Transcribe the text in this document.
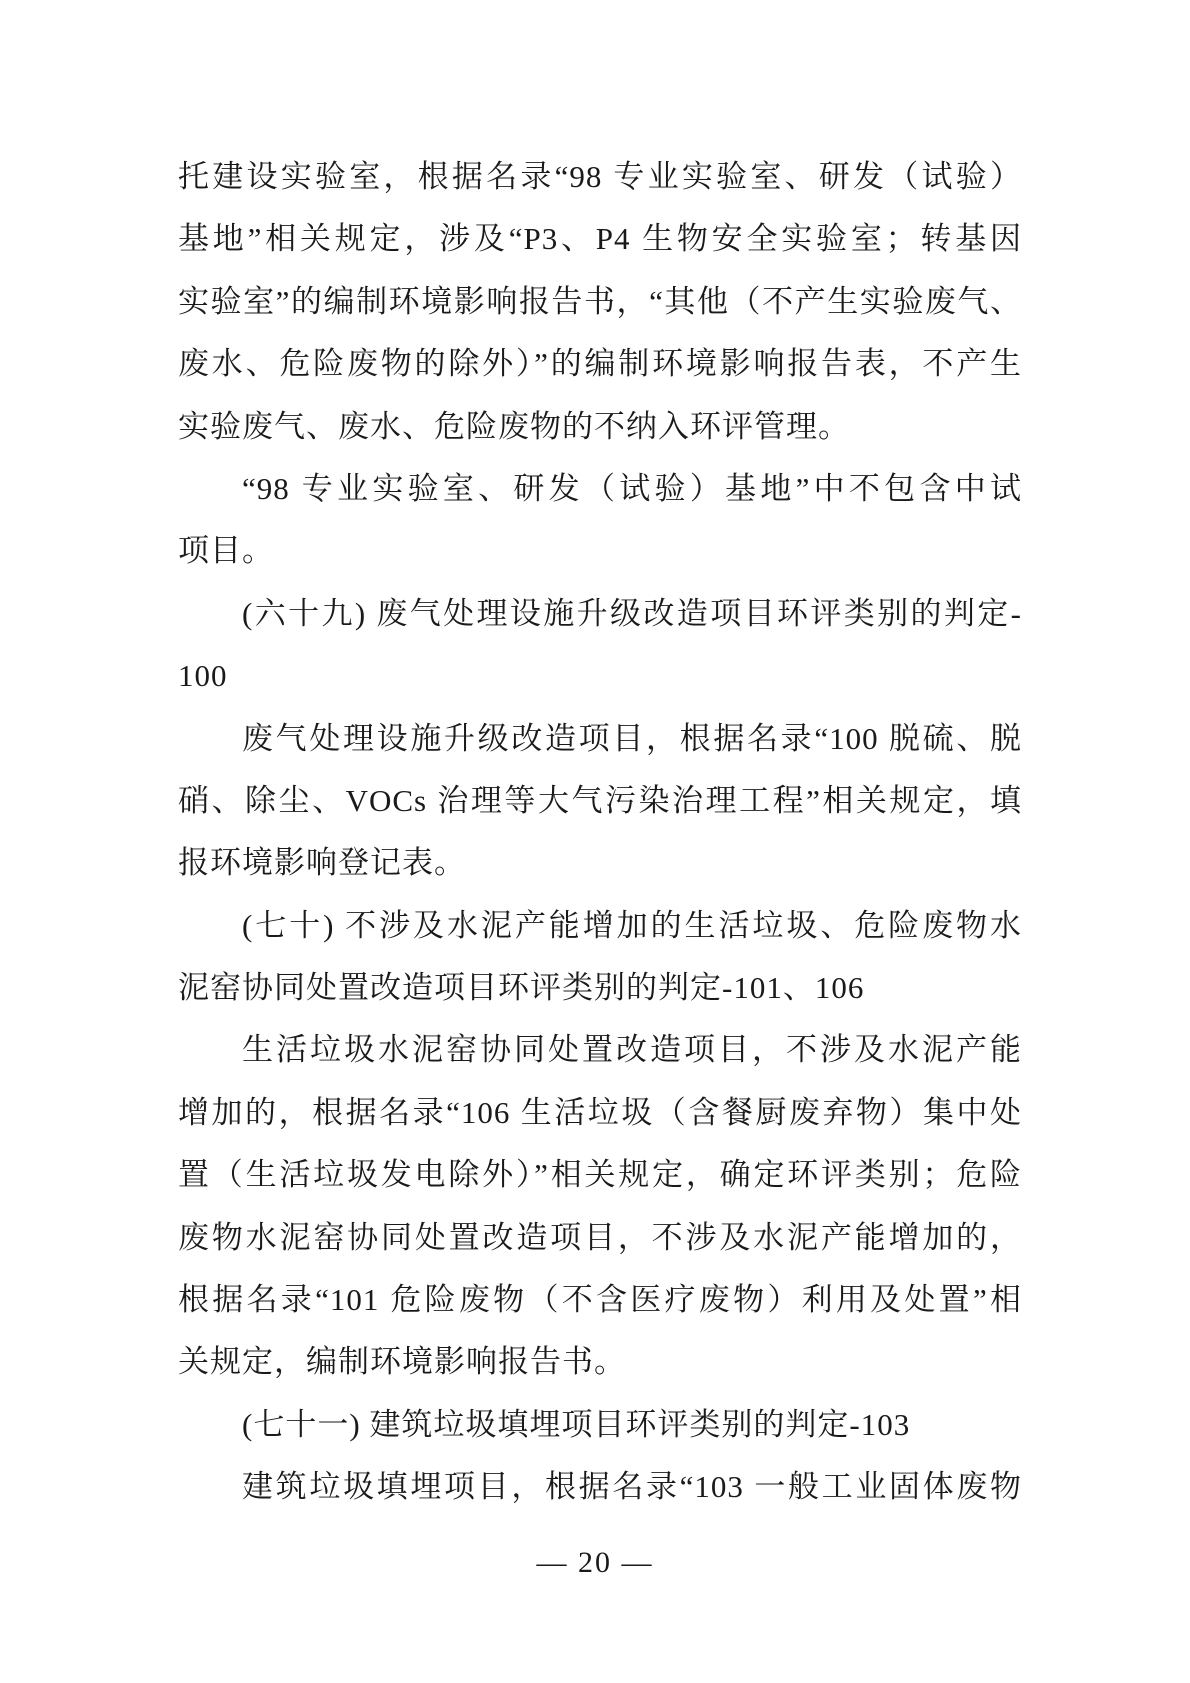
托建设实验室，根据名录“98 专业实验室、研发（试验）
基地”相关规定，涉及“P3、P4 生物安全实验室；转基因
实验室”的编制环境影响报告书，“其他（不产生实验废气、
废水、危险废物的除外）”的编制环境影响报告表，不产生
实验废气、废水、危险废物的不纳入环评管理。
“98 专业实验室、研发（试验）基地”中不包含中试
项目。
(六十九) 废气处理设施升级改造项目环评类别的判定-
100
废气处理设施升级改造项目，根据名录“100 脱硫、脱
硝、除尘、VOCs 治理等大气污染治理工程”相关规定，填
报环境影响登记表。
(七十) 不涉及水泥产能增加的生活垃圾、危险废物水
泥窑协同处置改造项目环评类别的判定-101、106
生活垃圾水泥窑协同处置改造项目，不涉及水泥产能
增加的，根据名录“106 生活垃圾（含餐厨废弃物）集中处
置（生活垃圾发电除外）”相关规定，确定环评类别；危险
废物水泥窑协同处置改造项目，不涉及水泥产能增加的，
根据名录“101 危险废物（不含医疗废物）利用及处置”相
关规定，编制环境影响报告书。
(七十一) 建筑垃圾填埋项目环评类别的判定-103
建筑垃圾填埋项目，根据名录“103 一般工业固体废物
— 20 —
